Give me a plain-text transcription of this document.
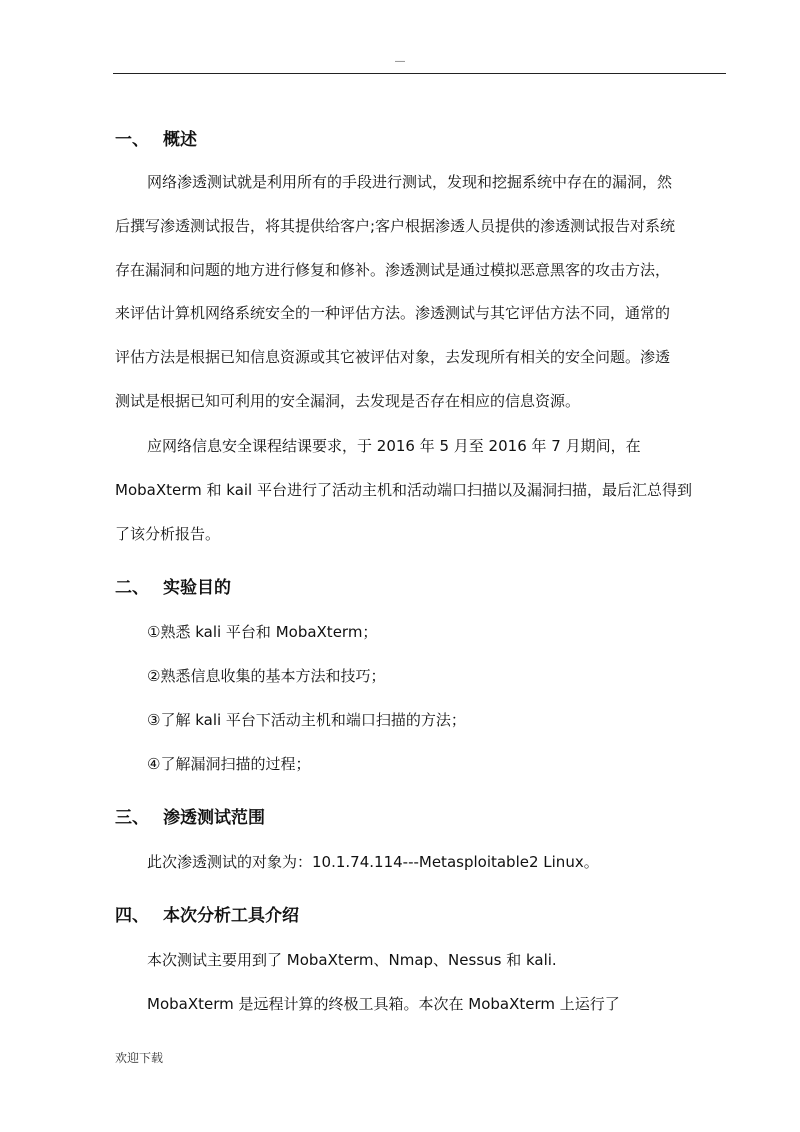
—
一、 概述
网络渗透测试就是利用所有的手段进行测试，发现和挖掘系统中存在的漏洞，然
后撰写渗透测试报告，将其提供给客户;客户根据渗透人员提供的渗透测试报告对系统
存在漏洞和问题的地方进行修复和修补。渗透测试是通过模拟恶意黑客的攻击方法，
来评估计算机网络系统安全的一种评估方法。渗透测试与其它评估方法不同，通常的
评估方法是根据已知信息资源或其它被评估对象，去发现所有相关的安全问题。渗透
测试是根据已知可利用的安全漏洞，去发现是否存在相应的信息资源。
应网络信息安全课程结课要求，于 2016 年 5 月至 2016 年 7 月期间，在
MobaXterm 和 kail 平台进行了活动主机和活动端口扫描以及漏洞扫描，最后汇总得到
了该分析报告。
二、 实验目的
①熟悉 kali 平台和 MobaXterm；
②熟悉信息收集的基本方法和技巧；
③了解 kali 平台下活动主机和端口扫描的方法；
④了解漏洞扫描的过程；
三、 渗透测试范围
此次渗透测试的对象为：10.1.74.114---Metasploitable2 Linux。
四、 本次分析工具介绍
本次测试主要用到了 MobaXterm、Nmap、Nessus 和 kali.
MobaXterm 是远程计算的终极工具箱。本次在 MobaXterm 上运行了
欢迎下载
